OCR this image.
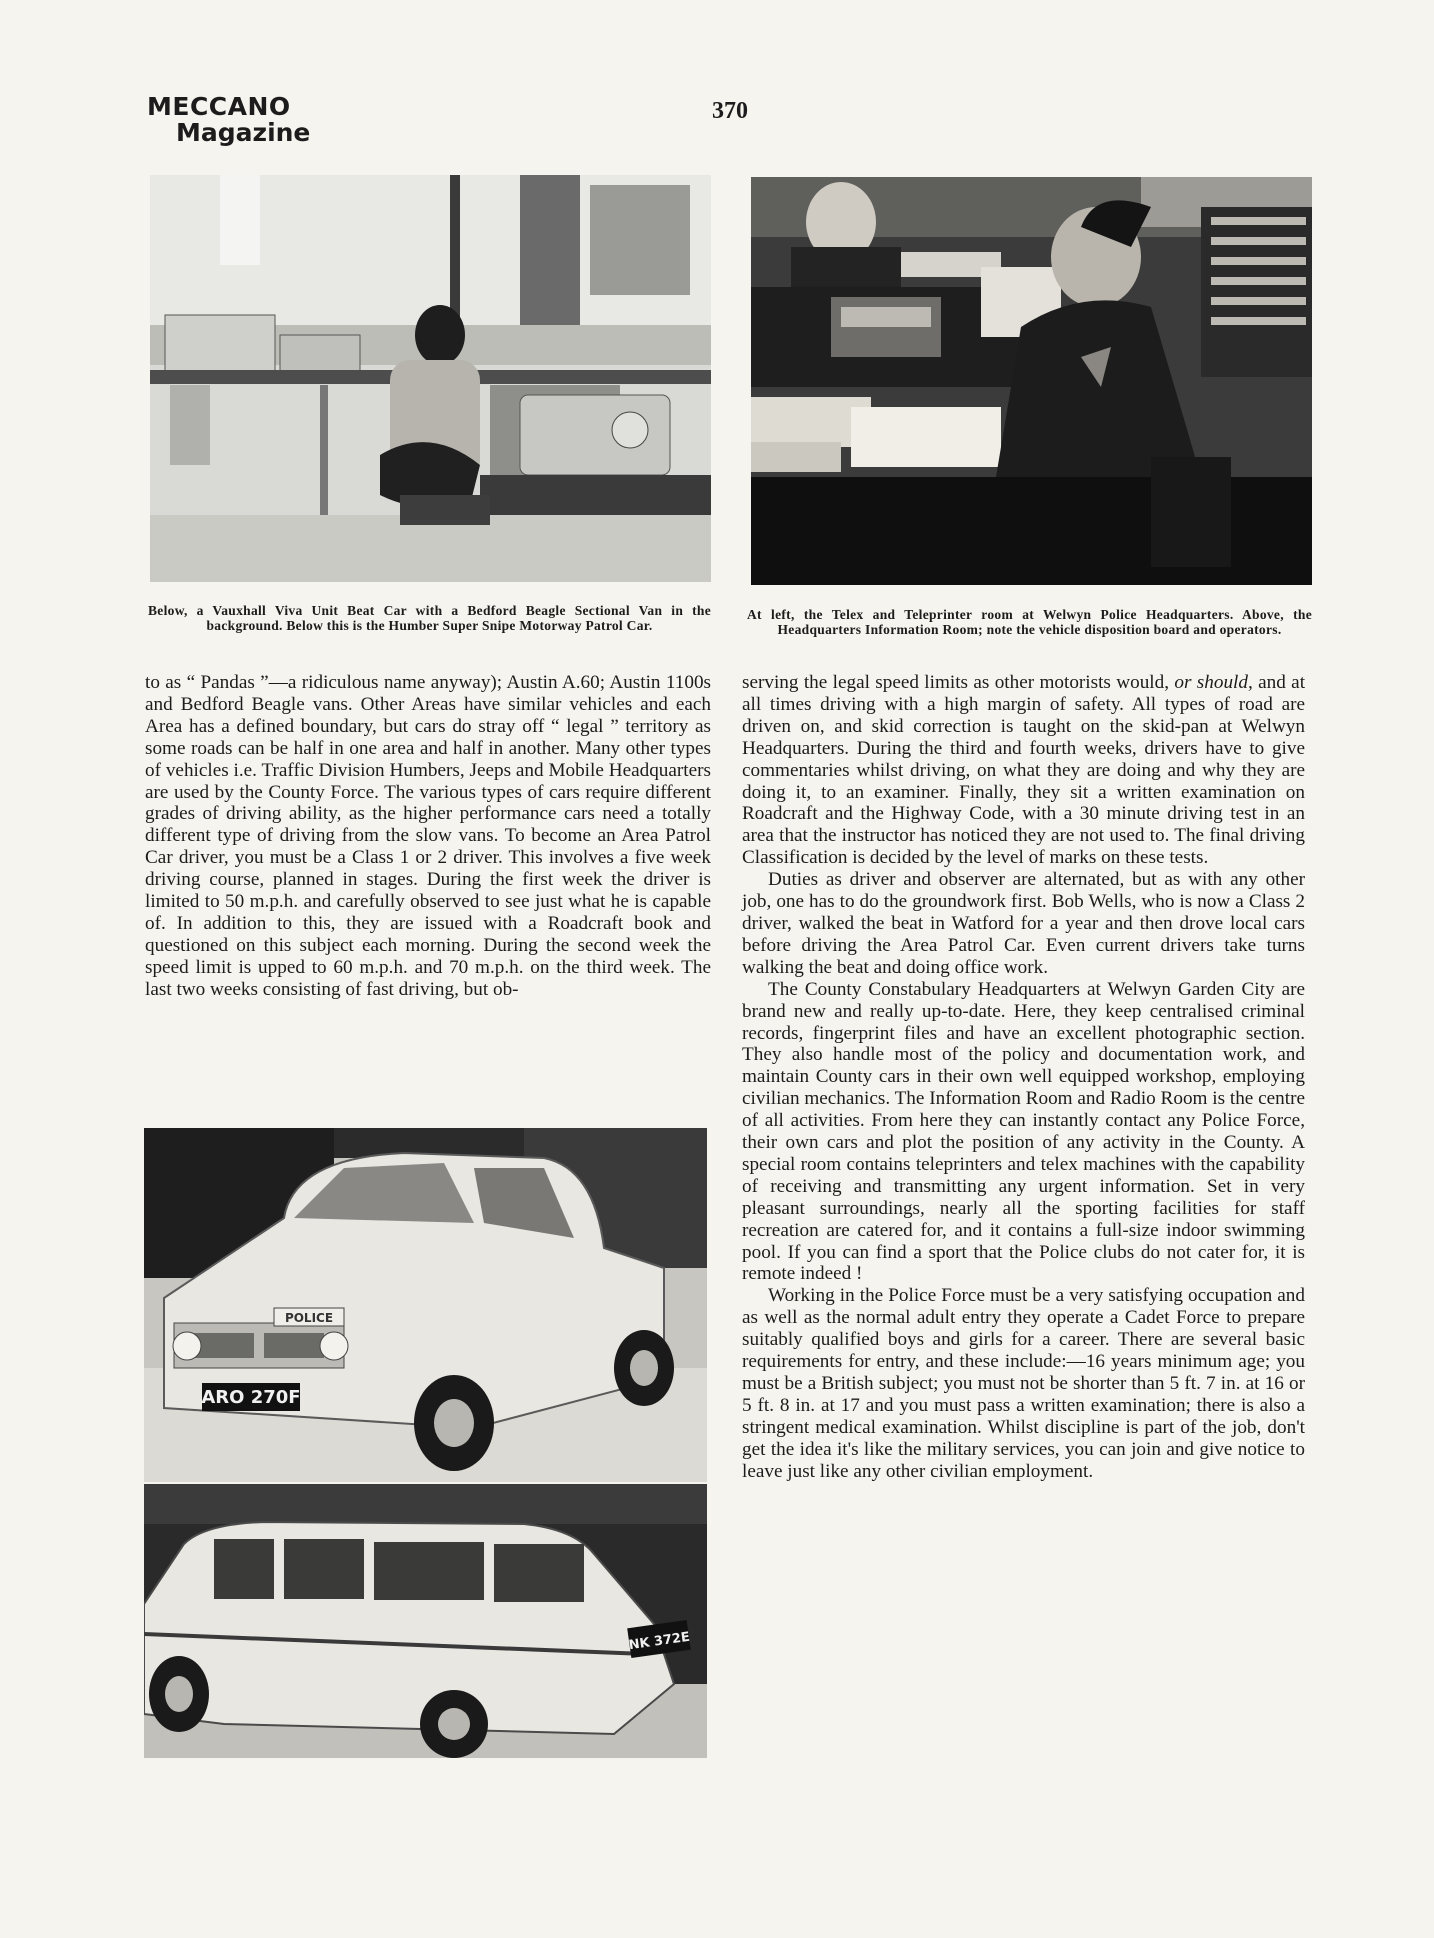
MECCANO
Magazine
370
Below, a Vauxhall Viva Unit Beat Car with a Bedford Beagle Sectional Van in the background. Below this is the Humber Super Snipe Motorway Patrol Car.
At left, the Telex and Teleprinter room at Welwyn Police Headquarters. Above, the Headquarters Information Room; note the vehicle disposition board and operators.

to as “ Pandas ”—a ridiculous name anyway); Austin A.60; Austin 1100s and Bedford Beagle vans. Other Areas have similar vehicles and each Area has a defined boundary, but cars do stray off “ legal ” territory as some roads can be half in one area and half in another. Many other types of vehicles i.e. Traffic Division Humbers, Jeeps and Mobile Headquarters are used by the County Force. The various types of cars require different grades of driving ability, as the higher performance cars need a totally different type of driving from the slow vans. To become an Area Patrol Car driver, you must be a Class 1 or 2 driver. This involves a five week driving course, planned in stages. During the first week the driver is limited to 50 m.p.h. and carefully observed to see just what he is capable of. In addition to this, they are issued with a Roadcraft book and questioned on this subject each morning. During the second week the speed limit is upped to 60 m.p.h. and 70 m.p.h. on the third week. The last two weeks consisting of fast driving, but ob-

ARO 270F
POLICE
NK 372E

serving the legal speed limits as other motorists would, or should, and at all times driving with a high margin of safety. All types of road are driven on, and skid correction is taught on the skid-pan at Welwyn Headquarters. During the third and fourth weeks, drivers have to give commentaries whilst driving, on what they are doing and why they are doing it, to an examiner. Finally, they sit a written examination on Roadcraft and the Highway Code, with a 30 minute driving test in an area that the instructor has noticed they are not used to. The final driving Classification is decided by the level of marks on these tests.

Duties as driver and observer are alternated, but as with any other job, one has to do the groundwork first. Bob Wells, who is now a Class 2 driver, walked the beat in Watford for a year and then drove local cars before driving the Area Patrol Car. Even current drivers take turns walking the beat and doing office work.

The County Constabulary Headquarters at Welwyn Garden City are brand new and really up-to-date. Here, they keep centralised criminal records, fingerprint files and have an excellent photographic section. They also handle most of the policy and documentation work, and maintain County cars in their own well equipped workshop, employing civilian mechanics. The Information Room and Radio Room is the centre of all activities. From here they can instantly contact any Police Force, their own cars and plot the position of any activity in the County. A special room contains teleprinters and telex machines with the capability of receiving and transmitting any urgent information. Set in very pleasant surroundings, nearly all the sporting facilities for staff recreation are catered for, and it contains a full-size indoor swimming pool. If you can find a sport that the Police clubs do not cater for, it is remote indeed !

Working in the Police Force must be a very satisfying occupation and as well as the normal adult entry they operate a Cadet Force to prepare suitably qualified boys and girls for a career. There are several basic requirements for entry, and these include:—16 years minimum age; you must be a British subject; you must not be shorter than 5 ft. 7 in. at 16 or 5 ft. 8 in. at 17 and you must pass a written examination; there is also a stringent medical examination. Whilst discipline is part of the job, don't get the idea it's like the military services, you can join and give notice to leave just like any other civilian employment.
